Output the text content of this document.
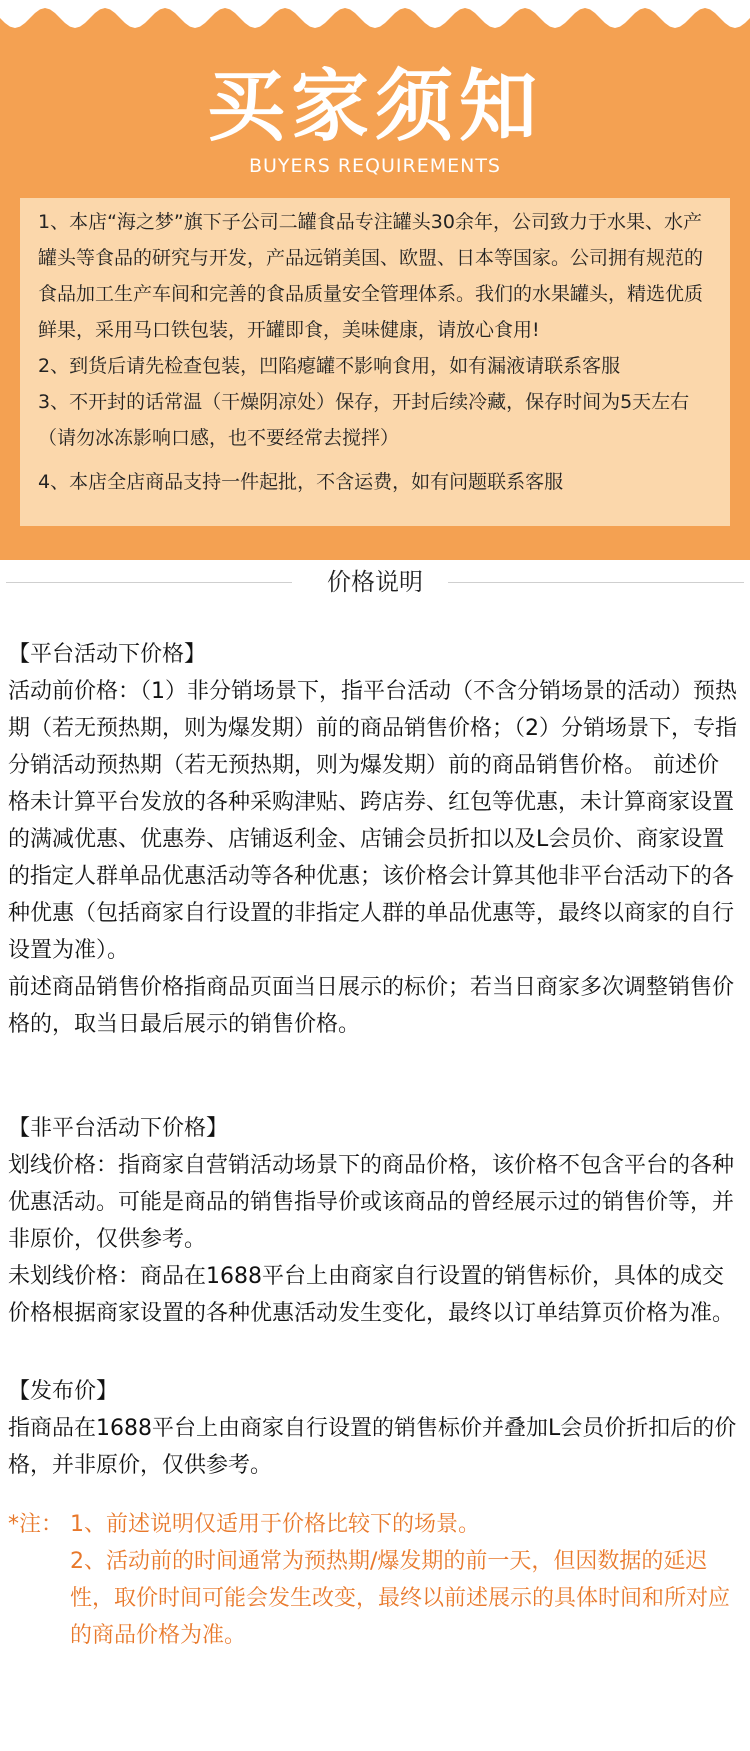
买家须知
BUYERS REQUIREMENTS

1、本店“海之梦”旗下子公司二罐食品专注罐头30余年，公司致力于水果、水产罐头等食品的研究与开发，产品远销美国、欧盟、日本等国家。公司拥有规范的食品加工生产车间和完善的食品质量安全管理体系。我们的水果罐头，精选优质鲜果，采用马口铁包装，开罐即食，美味健康，请放心食用!

2、到货后请先检查包装，凹陷瘪罐不影响食用，如有漏液请联系客服

3、不开封的话常温（干燥阴凉处）保存，开封后续冷藏，保存时间为5天左右（请勿冰冻影响口感，也不要经常去搅拌）

4、本店全店商品支持一件起批，不含运费，如有问题联系客服

价格说明

【平台活动下价格】

活动前价格：（1）非分销场景下，指平台活动（不含分销场景的活动）预热期（若无预热期，则为爆发期）前的商品销售价格；（2）分销场景下，专指分销活动预热期（若无预热期，则为爆发期）前的商品销售价格。 前述价格未计算平台发放的各种采购津贴、跨店券、红包等优惠，未计算商家设置的满减优惠、优惠券、店铺返利金、店铺会员折扣以及L会员价、商家设置的指定人群单品优惠活动等各种优惠；该价格会计算其他非平台活动下的各种优惠（包括商家自行设置的非指定人群的单品优惠等，最终以商家的自行设置为准）。

前述商品销售价格指商品页面当日展示的标价；若当日商家多次调整销售价格的，取当日最后展示的销售价格。

【非平台活动下价格】

划线价格：指商家自营销活动场景下的商品价格，该价格不包含平台的各种优惠活动。可能是商品的销售指导价或该商品的曾经展示过的销售价等，并非原价，仅供参考。

未划线价格：商品在1688平台上由商家自行设置的销售标价，具体的成交价格根据商家设置的各种优惠活动发生变化，最终以订单结算页价格为准。

【发布价】

指商品在1688平台上由商家自行设置的销售标价并叠加L会员价折扣后的价格，并非原价，仅供参考。

*注： 1、前述说明仅适用于价格比较下的场景。
2、活动前的时间通常为预热期/爆发期的前一天，但因数据的延迟性，取价时间可能会发生改变，最终以前述展示的具体时间和所对应的商品价格为准。
